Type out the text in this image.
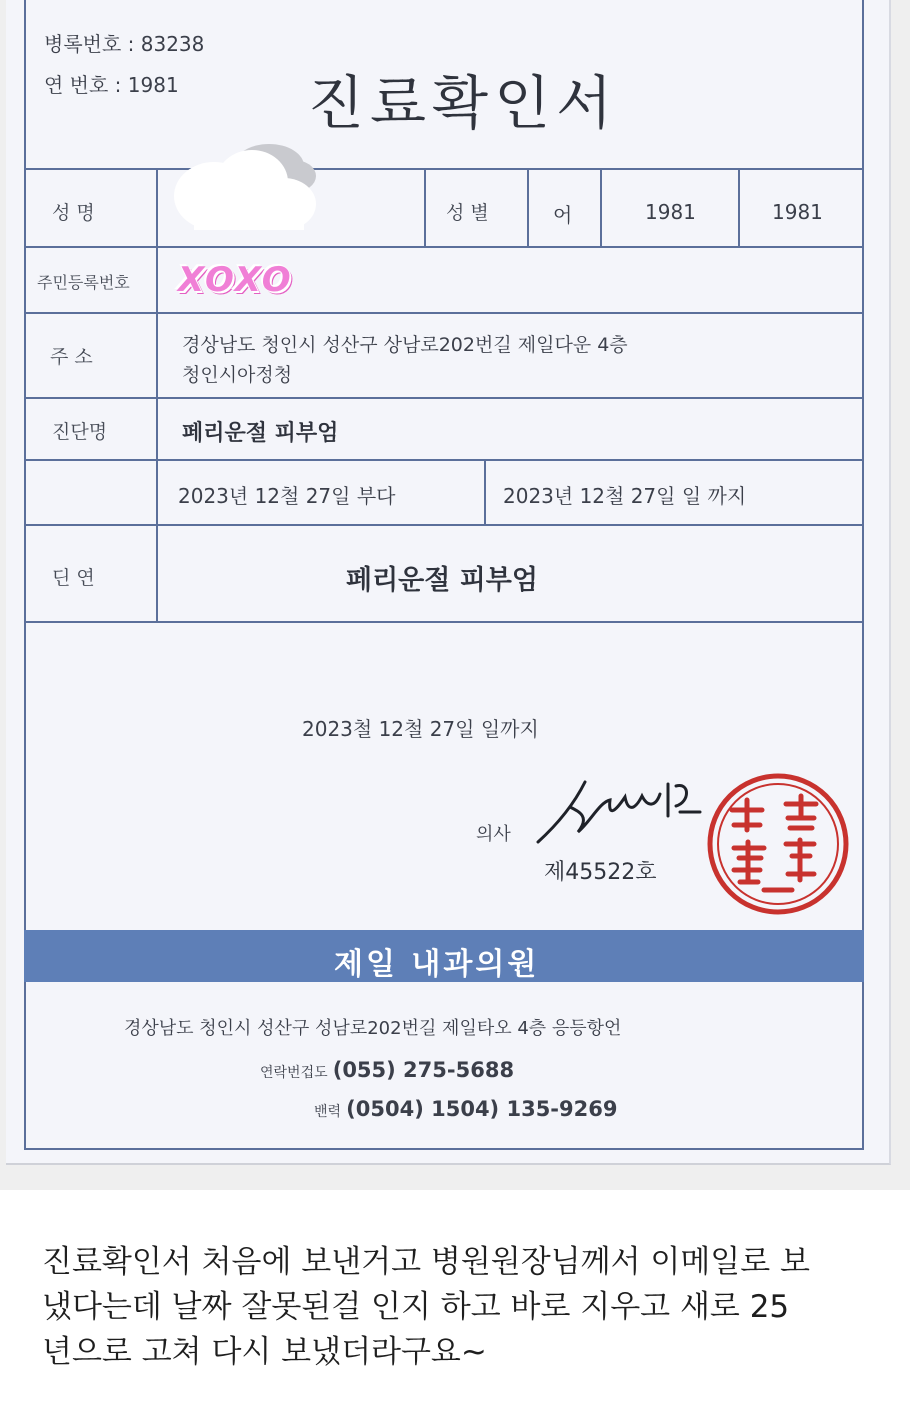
병록번호 : 83238
연 번호 : 1981 진료확인서
성 명	성 별	어	1981	1981
주민등록번호 XOXO
주 소
경상남도 청인시 성산구 상남로202번길 제일다운 4층
청인시아정청
진단명	페리운절 피부엄
2023년 12철 27일 부다	2023년 12철 27일 일 까지
딘 연	페리운절 피부엄
2023철 12철 27일 일까지
의사
제45522호
제일 내과의원
경상남도 청인시 성산구 성남로202번길 제일타오 4층 응등항언
연락번겁도 (055) 275-5688
밴력 (0504) 1504) 135-9269
진료확인서 처음에 보낸거고 병원원장님께서 이메일로 보
냈다는데 날짜 잘못된걸 인지 하고 바로 지우고 새로 25
년으로 고쳐 다시 보냈더라구요~
